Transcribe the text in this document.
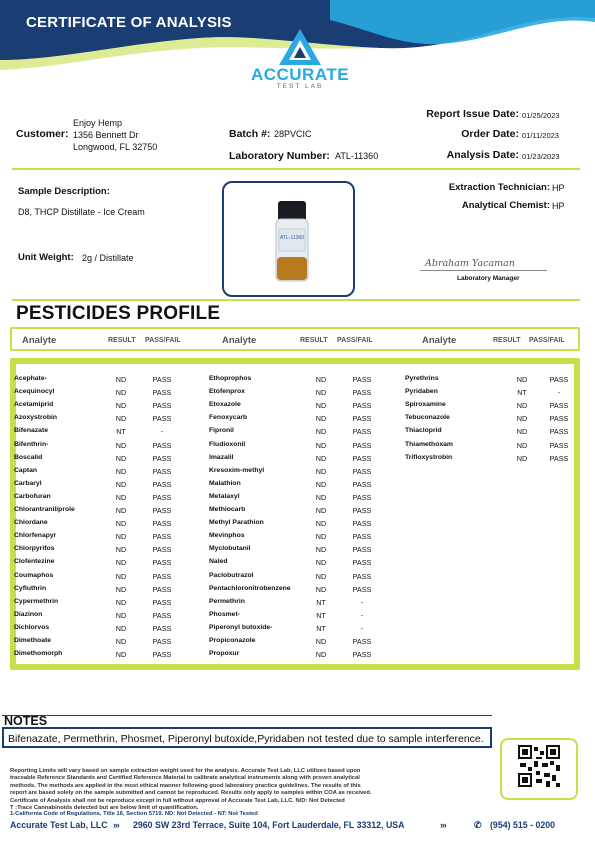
CERTIFICATE OF ANALYSIS
ACCURATE
TEST LAB
Customer:
Enjoy Hemp
1356 Bennett Dr
Longwood, FL 32750
Batch #: 28PVCIC
Laboratory Number: ATL-11360
Report Issue Date: 01/25/2023
Order Date: 01/11/2023
Analysis Date: 01/23/2023
Sample Description:
D8, THCP Distillate - Ice Cream
Unit Weight: 2g / Distillate
ATL-11360
Extraction Technician: HP
Analytical Chemist: HP
Abraham Yacaman
Laboratory Manager
PESTICIDES PROFILE
Analyte	RESULT PASS/FAIL	Analyte	RESULT PASS/FAIL	Analyte	RESULT PASS/FAIL
Acephate-	ND	PASS
Acequinocyl	ND	PASS
Acetamiprid	ND	PASS
Azoxystrobin	ND	PASS
Bifenazate	NT	-
Bifenthrin-	ND	PASS
Boscalid	ND	PASS
Captan	ND	PASS
Carbaryl	ND	PASS
Carbofuran	ND	PASS
Chlorantraniliprole	ND	PASS
Chlordane	ND	PASS
Chlorfenapyr	ND	PASS
Chlorpyrifos	ND	PASS
Clofentezine	ND	PASS
Coumaphos	ND	PASS
Cyfluthrin	ND	PASS
Cypermethrin	ND	PASS
Diazinon	ND	PASS
Dichlorvos	ND	PASS
Dimethoate	ND	PASS
Dimethomorph	ND	PASS
Ethoprophos	ND	PASS
Etofenprox	ND	PASS
Etoxazole	ND	PASS
Fenoxycarb	ND	PASS
Fipronil	ND	PASS
Fludioxonil	ND	PASS
Imazalil	ND	PASS
Kresoxim-methyl	ND	PASS
Malathion	ND	PASS
Metalaxyl	ND	PASS
Methiocarb	ND	PASS
Methyl Parathion	ND	PASS
Mevinphos	ND	PASS
Myclobutanil	ND	PASS
Naled	ND	PASS
Paclobutrazol	ND	PASS
Pentachloronitrobenzene	ND	PASS
Permethrin	NT	-
Phosmet-	NT	-
Piperonyl butoxide-	NT	-
Propiconazole	ND	PASS
Propoxur	ND	PASS
Pyrethrins	ND	PASS
Pyridaben	NT	-
Spiroxamine	ND	PASS
Tebuconazole	ND	PASS
Thiacloprid	ND	PASS
Thiamethoxam	ND	PASS
Trifloxystrobin	ND	PASS
NOTES
Bifenazate, Permethrin, Phosmet, Piperonyl butoxide,Pyridaben not tested due to sample interference.
Reporting Limits will vary based on sample extraction weight used for the analysis. Accurate Test Lab, LLC utilizes based upon
traceable Reference Standards and Certified Reference Material to calibrate analytical instruments along with proven analytical
methods. The methods are applied in the most ethical manner following good laboratory practice guidelines. The results of this
report are based solely on the sample submitted and cannot be reproduced. Results only apply to samples within COA as received.
Certificate of Analysis shall not be reproduce except in full without approval of Accurate Test Lab, LLC. N/D: Not Detected
T :Trace Cannabinoids detected but are below limit of quantification.
1-California Code of Regulations, Title 16, Section 5719. ND: Not Detected - NT: Not Tested
Accurate Test Lab, LLC ››› 2960 SW 23rd Terrace, Suite 104, Fort Lauderdale, FL 33312, USA	›››	✆ (954) 515 - 0200
